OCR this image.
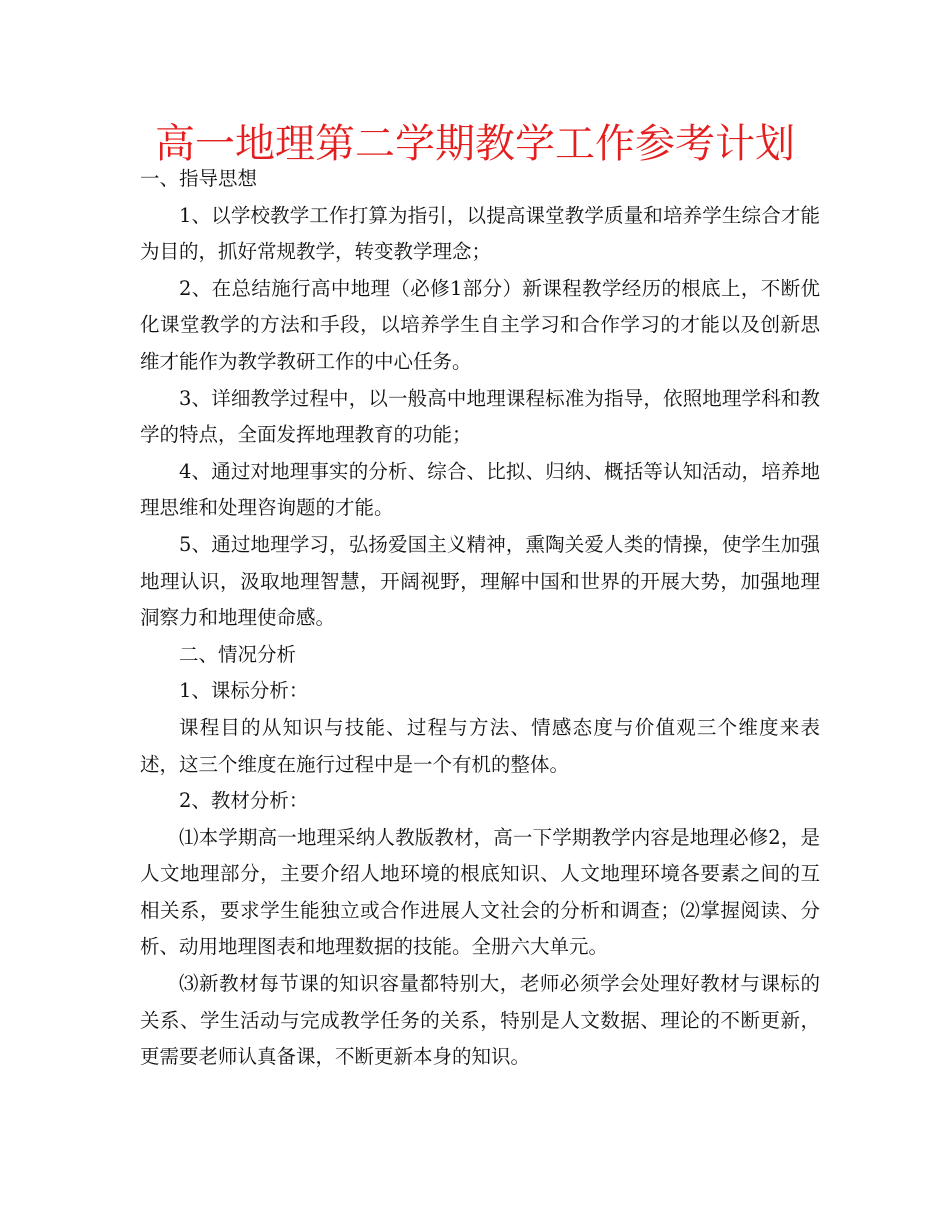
高一地理第二学期教学工作参考计划

一、指导思想

1、以学校教学工作打算为指引，以提高课堂教学质量和培养学生综合才能为目的，抓好常规教学，转变教学理念；

2、在总结施行高中地理（必修1部分）新课程教学经历的根底上，不断优化课堂教学的方法和手段，以培养学生自主学习和合作学习的才能以及创新思维才能作为教学教研工作的中心任务。

3、详细教学过程中，以一般高中地理课程标准为指导，依照地理学科和教学的特点，全面发挥地理教育的功能；

4、通过对地理事实的分析、综合、比拟、归纳、概括等认知活动，培养地理思维和处理咨询题的才能。

5、通过地理学习，弘扬爱国主义精神，熏陶关爱人类的情操，使学生加强地理认识，汲取地理智慧，开阔视野，理解中国和世界的开展大势，加强地理洞察力和地理使命感。

二、情况分析

1、课标分析：

课程目的从知识与技能、过程与方法、情感态度与价值观三个维度来表述，这三个维度在施行过程中是一个有机的整体。

2、教材分析：

⑴本学期高一地理采纳人教版教材，高一下学期教学内容是地理必修2，是人文地理部分，主要介绍人地环境的根底知识、人文地理环境各要素之间的互相关系，要求学生能独立或合作进展人文社会的分析和调查；⑵掌握阅读、分析、动用地理图表和地理数据的技能。全册六大单元。

⑶新教材每节课的知识容量都特别大，老师必须学会处理好教材与课标的关系、学生活动与完成教学任务的关系，特别是人文数据、理论的不断更新，更需要老师认真备课，不断更新本身的知识。
